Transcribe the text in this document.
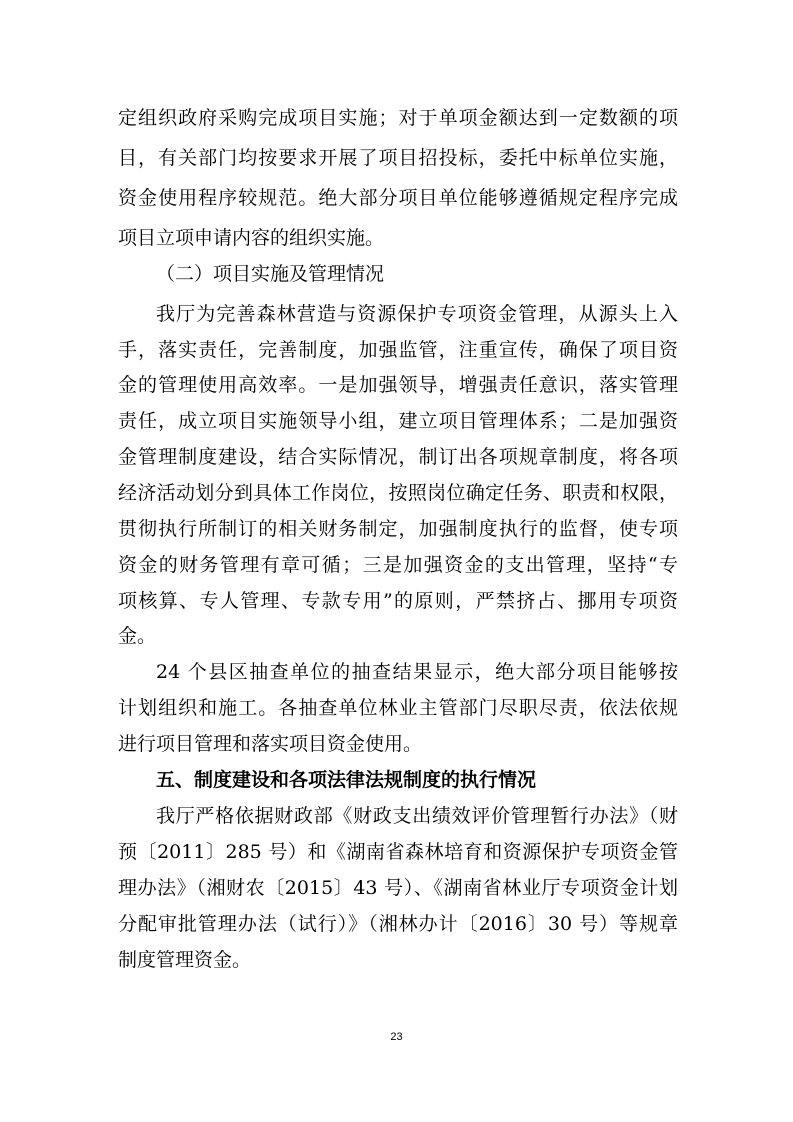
定组织政府采购完成项目实施；对于单项金额达到一定数额的项
目，有关部门均按要求开展了项目招投标，委托中标单位实施，
资金使用程序较规范。绝大部分项目单位能够遵循规定程序完成
项目立项申请内容的组织实施。
（二）项目实施及管理情况
我厅为完善森林营造与资源保护专项资金管理，从源头上入
手，落实责任，完善制度，加强监管，注重宣传，确保了项目资
金的管理使用高效率。一是加强领导，增强责任意识，落实管理
责任，成立项目实施领导小组，建立项目管理体系；二是加强资
金管理制度建设，结合实际情况，制订出各项规章制度，将各项
经济活动划分到具体工作岗位，按照岗位确定任务、职责和权限，
贯彻执行所制订的相关财务制定，加强制度执行的监督，使专项
资金的财务管理有章可循；三是加强资金的支出管理，坚持“专
项核算、专人管理、专款专用”的原则，严禁挤占、挪用专项资
金。
24 个县区抽查单位的抽查结果显示，绝大部分项目能够按
计划组织和施工。各抽查单位林业主管部门尽职尽责，依法依规
进行项目管理和落实项目资金使用。
五、制度建设和各项法律法规制度的执行情况
我厅严格依据财政部《财政支出绩效评价管理暂行办法》（财
预〔2011〕285 号）和《湖南省森林培育和资源保护专项资金管
理办法》（湘财农〔2015〕43 号）、《湖南省林业厅专项资金计划
分配审批管理办法（试行）》（湘林办计〔2016〕30 号）等规章
制度管理资金。
23
